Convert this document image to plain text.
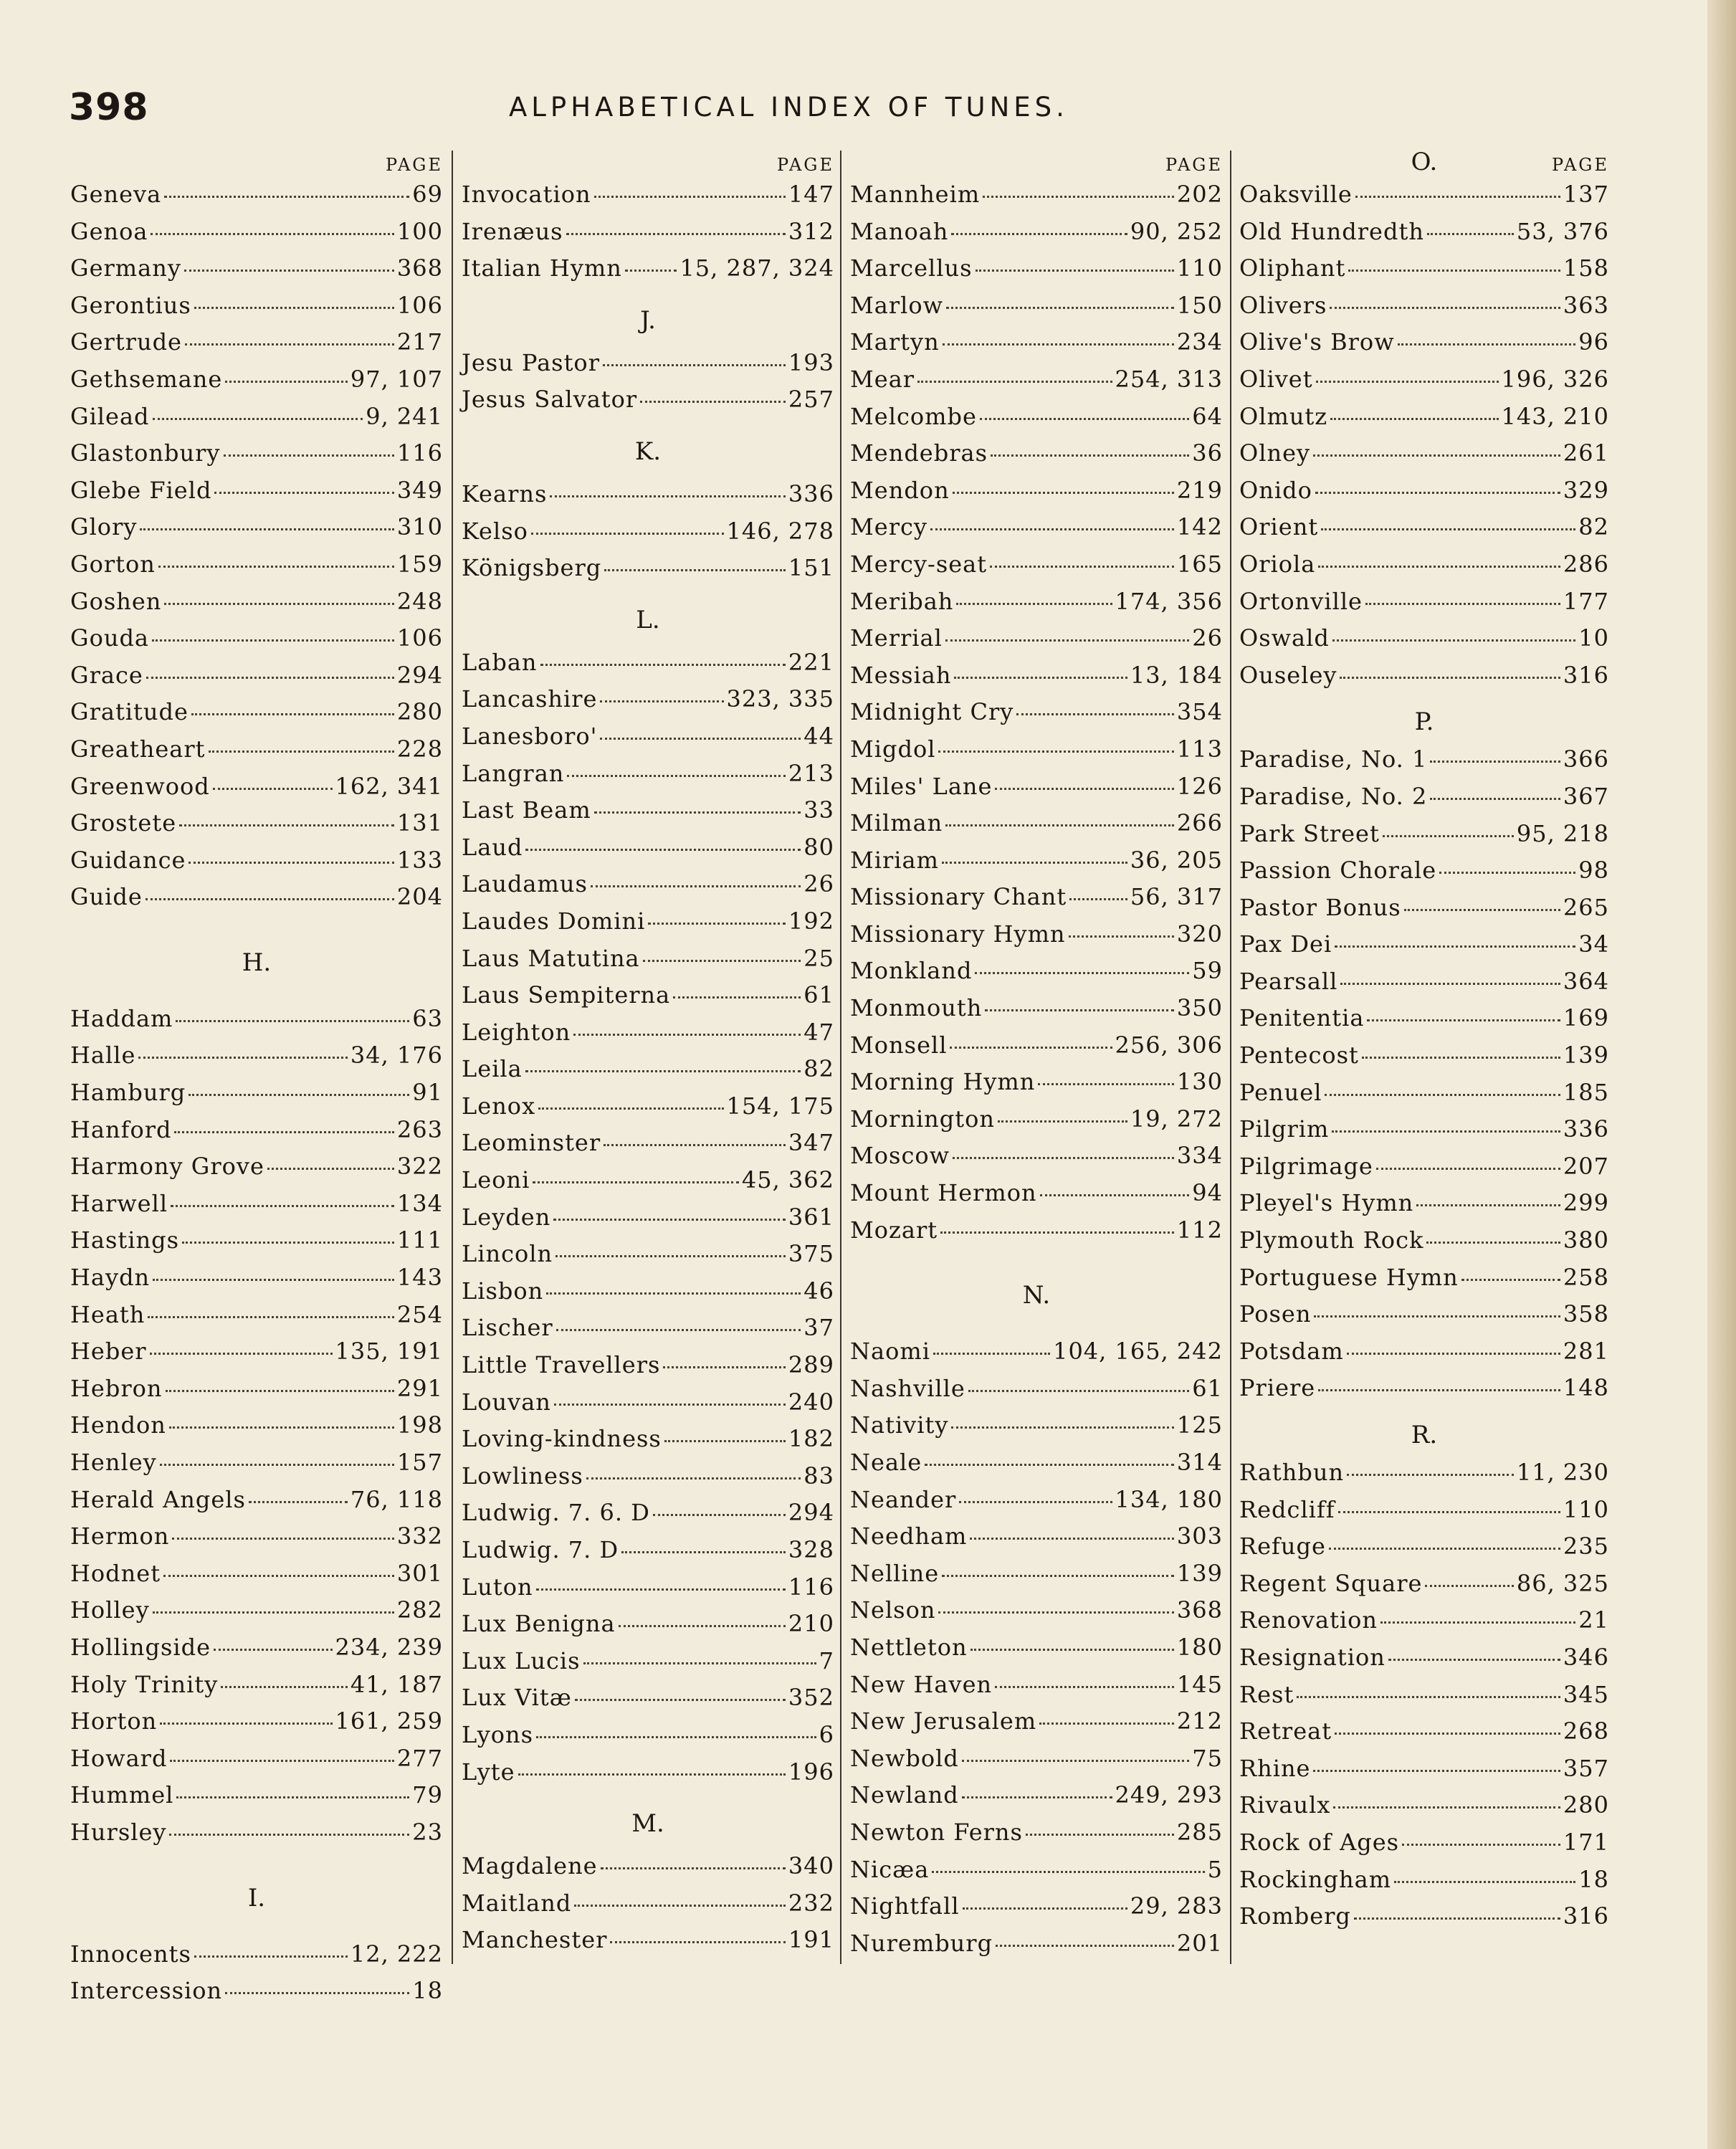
398	ALPHABETICAL INDEX OF TUNES.
PAGE
Geneva	69
Genoa	100
Germany	368
Gerontius	106
Gertrude	217
Gethsemane	97, 107
Gilead	9, 241
Glastonbury	116
Glebe Field	349
Glory	310
Gorton	159
Goshen	248
Gouda	106
Grace	294
Gratitude	280
Greatheart	228
Greenwood	162, 341
Grostete	131
Guidance	133
Guide	204
H.
Haddam	63
Halle	34, 176
Hamburg	91
Hanford	263
Harmony Grove	322
Harwell	134
Hastings	111
Haydn	143
Heath	254
Heber	135, 191
Hebron	291
Hendon	198
Henley	157
Herald Angels	76, 118
Hermon	332
Hodnet	301
Holley	282
Hollingside	234, 239
Holy Trinity	41, 187
Horton	161, 259
Howard	277
Hummel	79
Hursley	23
I.
Innocents	12, 222
Intercession	18
PAGE
Invocation	147
Irenæus	312
Italian Hymn	15, 287, 324
J.
Jesu Pastor	193
Jesus Salvator	257
K.
Kearns	336
Kelso	146, 278
Königsberg	151
L.
Laban	221
Lancashire	323, 335
Lanesboro'	44
Langran	213
Last Beam	33
Laud	80
Laudamus	26
Laudes Domini	192
Laus Matutina	25
Laus Sempiterna	61
Leighton	47
Leila	82
Lenox	154, 175
Leominster	347
Leoni	45, 362
Leyden	361
Lincoln	375
Lisbon	46
Lischer	37
Little Travellers	289
Louvan	240
Loving-kindness	182
Lowliness	83
Ludwig. 7. 6. D	294
Ludwig. 7. D	328
Luton	116
Lux Benigna	210
Lux Lucis	7
Lux Vitæ	352
Lyons	6
Lyte	196
M.
Magdalene	340
Maitland	232
Manchester	191
PAGE
Mannheim	202
Manoah	90, 252
Marcellus	110
Marlow	150
Martyn	234
Mear	254, 313
Melcombe	64
Mendebras	36
Mendon	219
Mercy	142
Mercy-seat	165
Meribah	174, 356
Merrial	26
Messiah	13, 184
Midnight Cry	354
Migdol	113
Miles' Lane	126
Milman	266
Miriam	36, 205
Missionary Chant	56, 317
Missionary Hymn	320
Monkland	59
Monmouth	350
Monsell	256, 306
Morning Hymn	130
Mornington	19, 272
Moscow	334
Mount Hermon	94
Mozart	112
N.
Naomi	104, 165, 242
Nashville	61
Nativity	125
Neale	314
Neander	134, 180
Needham	303
Nelline	139
Nelson	368
Nettleton	180
New Haven	145
New Jerusalem	212
Newbold	75
Newland	249, 293
Newton Ferns	285
Nicæa	5
Nightfall	29, 283
Nuremburg	201
O.	PAGE
Oaksville	137
Old Hundredth	53, 376
Oliphant	158
Olivers	363
Olive's Brow	96
Olivet	196, 326
Olmutz	143, 210
Olney	261
Onido	329
Orient	82
Oriola	286
Ortonville	177
Oswald	10
Ouseley	316
P.
Paradise, No. 1	366
Paradise, No. 2	367
Park Street	95, 218
Passion Chorale	98
Pastor Bonus	265
Pax Dei	34
Pearsall	364
Penitentia	169
Pentecost	139
Penuel	185
Pilgrim	336
Pilgrimage	207
Pleyel's Hymn	299
Plymouth Rock	380
Portuguese Hymn	258
Posen	358
Potsdam	281
Priere	148
R.
Rathbun	11, 230
Redcliff	110
Refuge	235
Regent Square	86, 325
Renovation	21
Resignation	346
Rest	345
Retreat	268
Rhine	357
Rivaulx	280
Rock of Ages	171
Rockingham	18
Romberg	316
